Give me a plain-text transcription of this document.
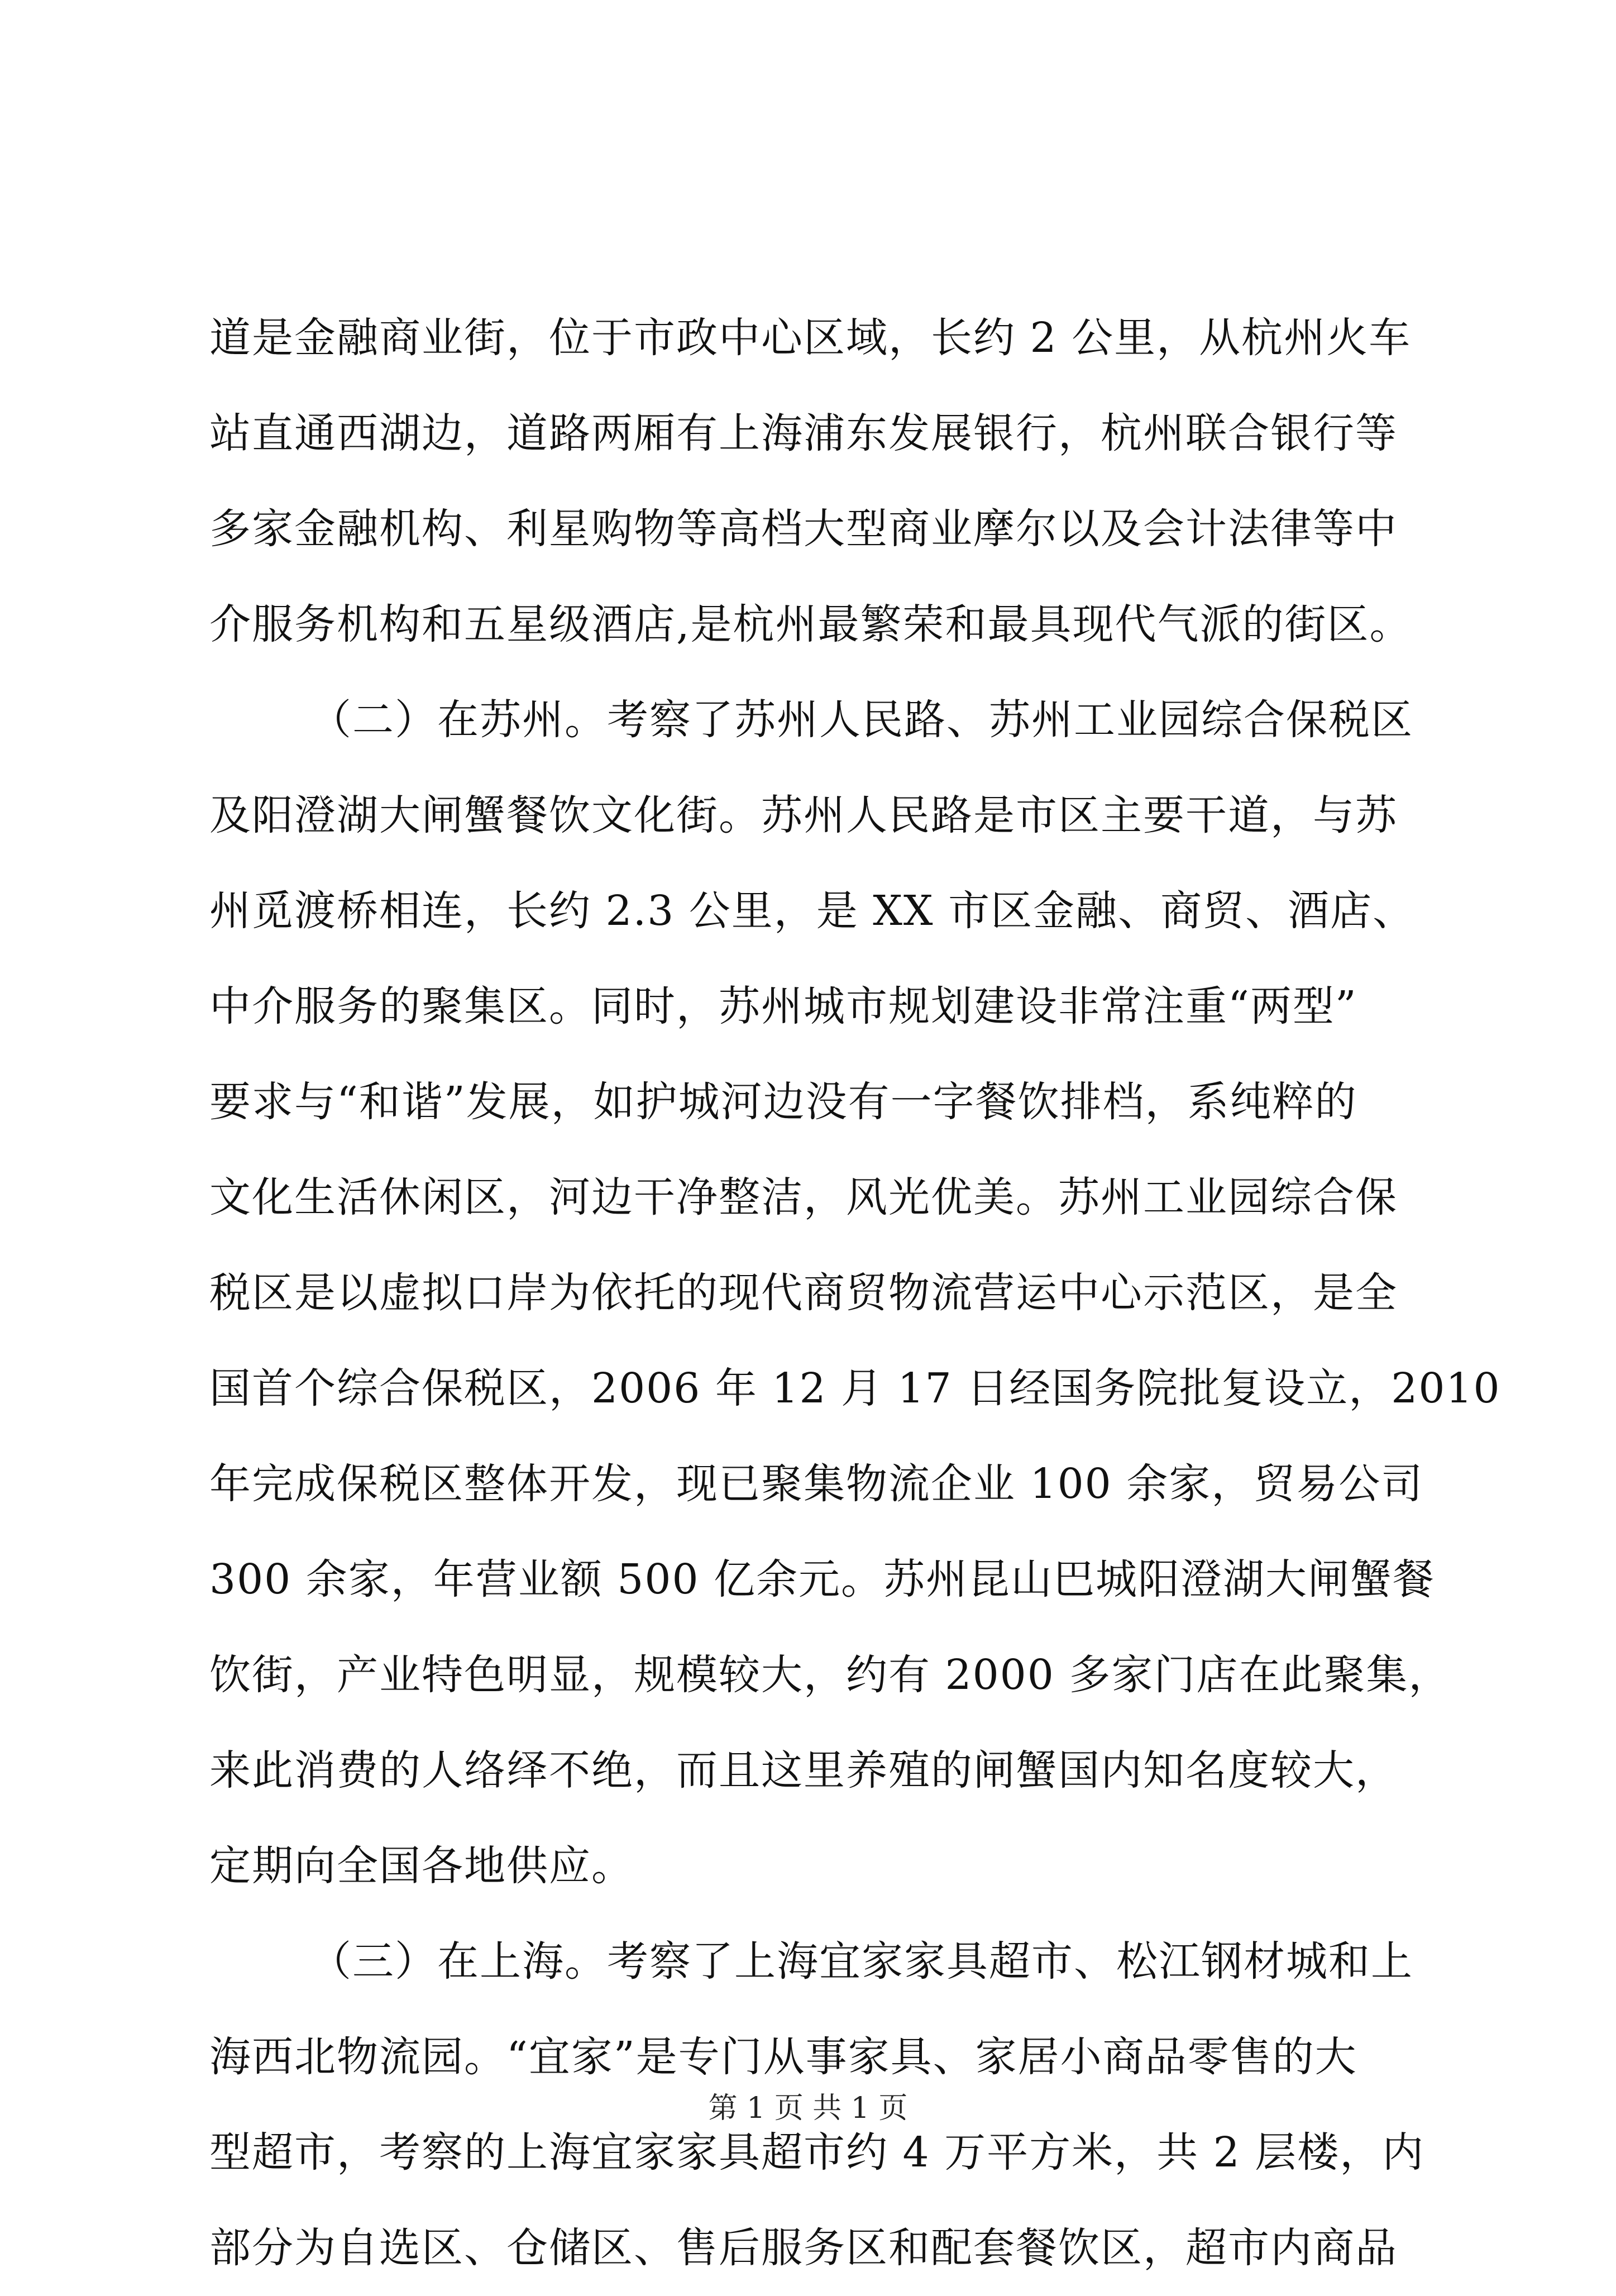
道是金融商业街，位于市政中心区域，长约 2 公里，从杭州火车
站直通西湖边，道路两厢有上海浦东发展银行，杭州联合银行等
多家金融机构、利星购物等高档大型商业摩尔以及会计法律等中
介服务机构和五星级酒店,是杭州最繁荣和最具现代气派的街区。
（二）在苏州。考察了苏州人民路、苏州工业园综合保税区
及阳澄湖大闸蟹餐饮文化街。苏州人民路是市区主要干道，与苏
州觅渡桥相连，长约 2.3 公里，是 XX 市区金融、商贸、酒店、
中介服务的聚集区。同时，苏州城市规划建设非常注重“两型”
要求与“和谐”发展，如护城河边没有一字餐饮排档，系纯粹的
文化生活休闲区，河边干净整洁，风光优美。苏州工业园综合保
税区是以虚拟口岸为依托的现代商贸物流营运中心示范区，是全
国首个综合保税区，2006 年 12 月 17 日经国务院批复设立，2010
年完成保税区整体开发，现已聚集物流企业 100 余家，贸易公司
300 余家，年营业额 500 亿余元。苏州昆山巴城阳澄湖大闸蟹餐
饮街，产业特色明显，规模较大，约有 2000 多家门店在此聚集，
来此消费的人络绎不绝，而且这里养殖的闸蟹国内知名度较大，
定期向全国各地供应。
（三）在上海。考察了上海宜家家具超市、松江钢材城和上
海西北物流园。“宜家”是专门从事家具、家居小商品零售的大
型超市，考察的上海宜家家具超市约 4 万平方米，共 2 层楼，内
部分为自选区、仓储区、售后服务区和配套餐饮区，超市内商品
第 1 页 共 1 页
